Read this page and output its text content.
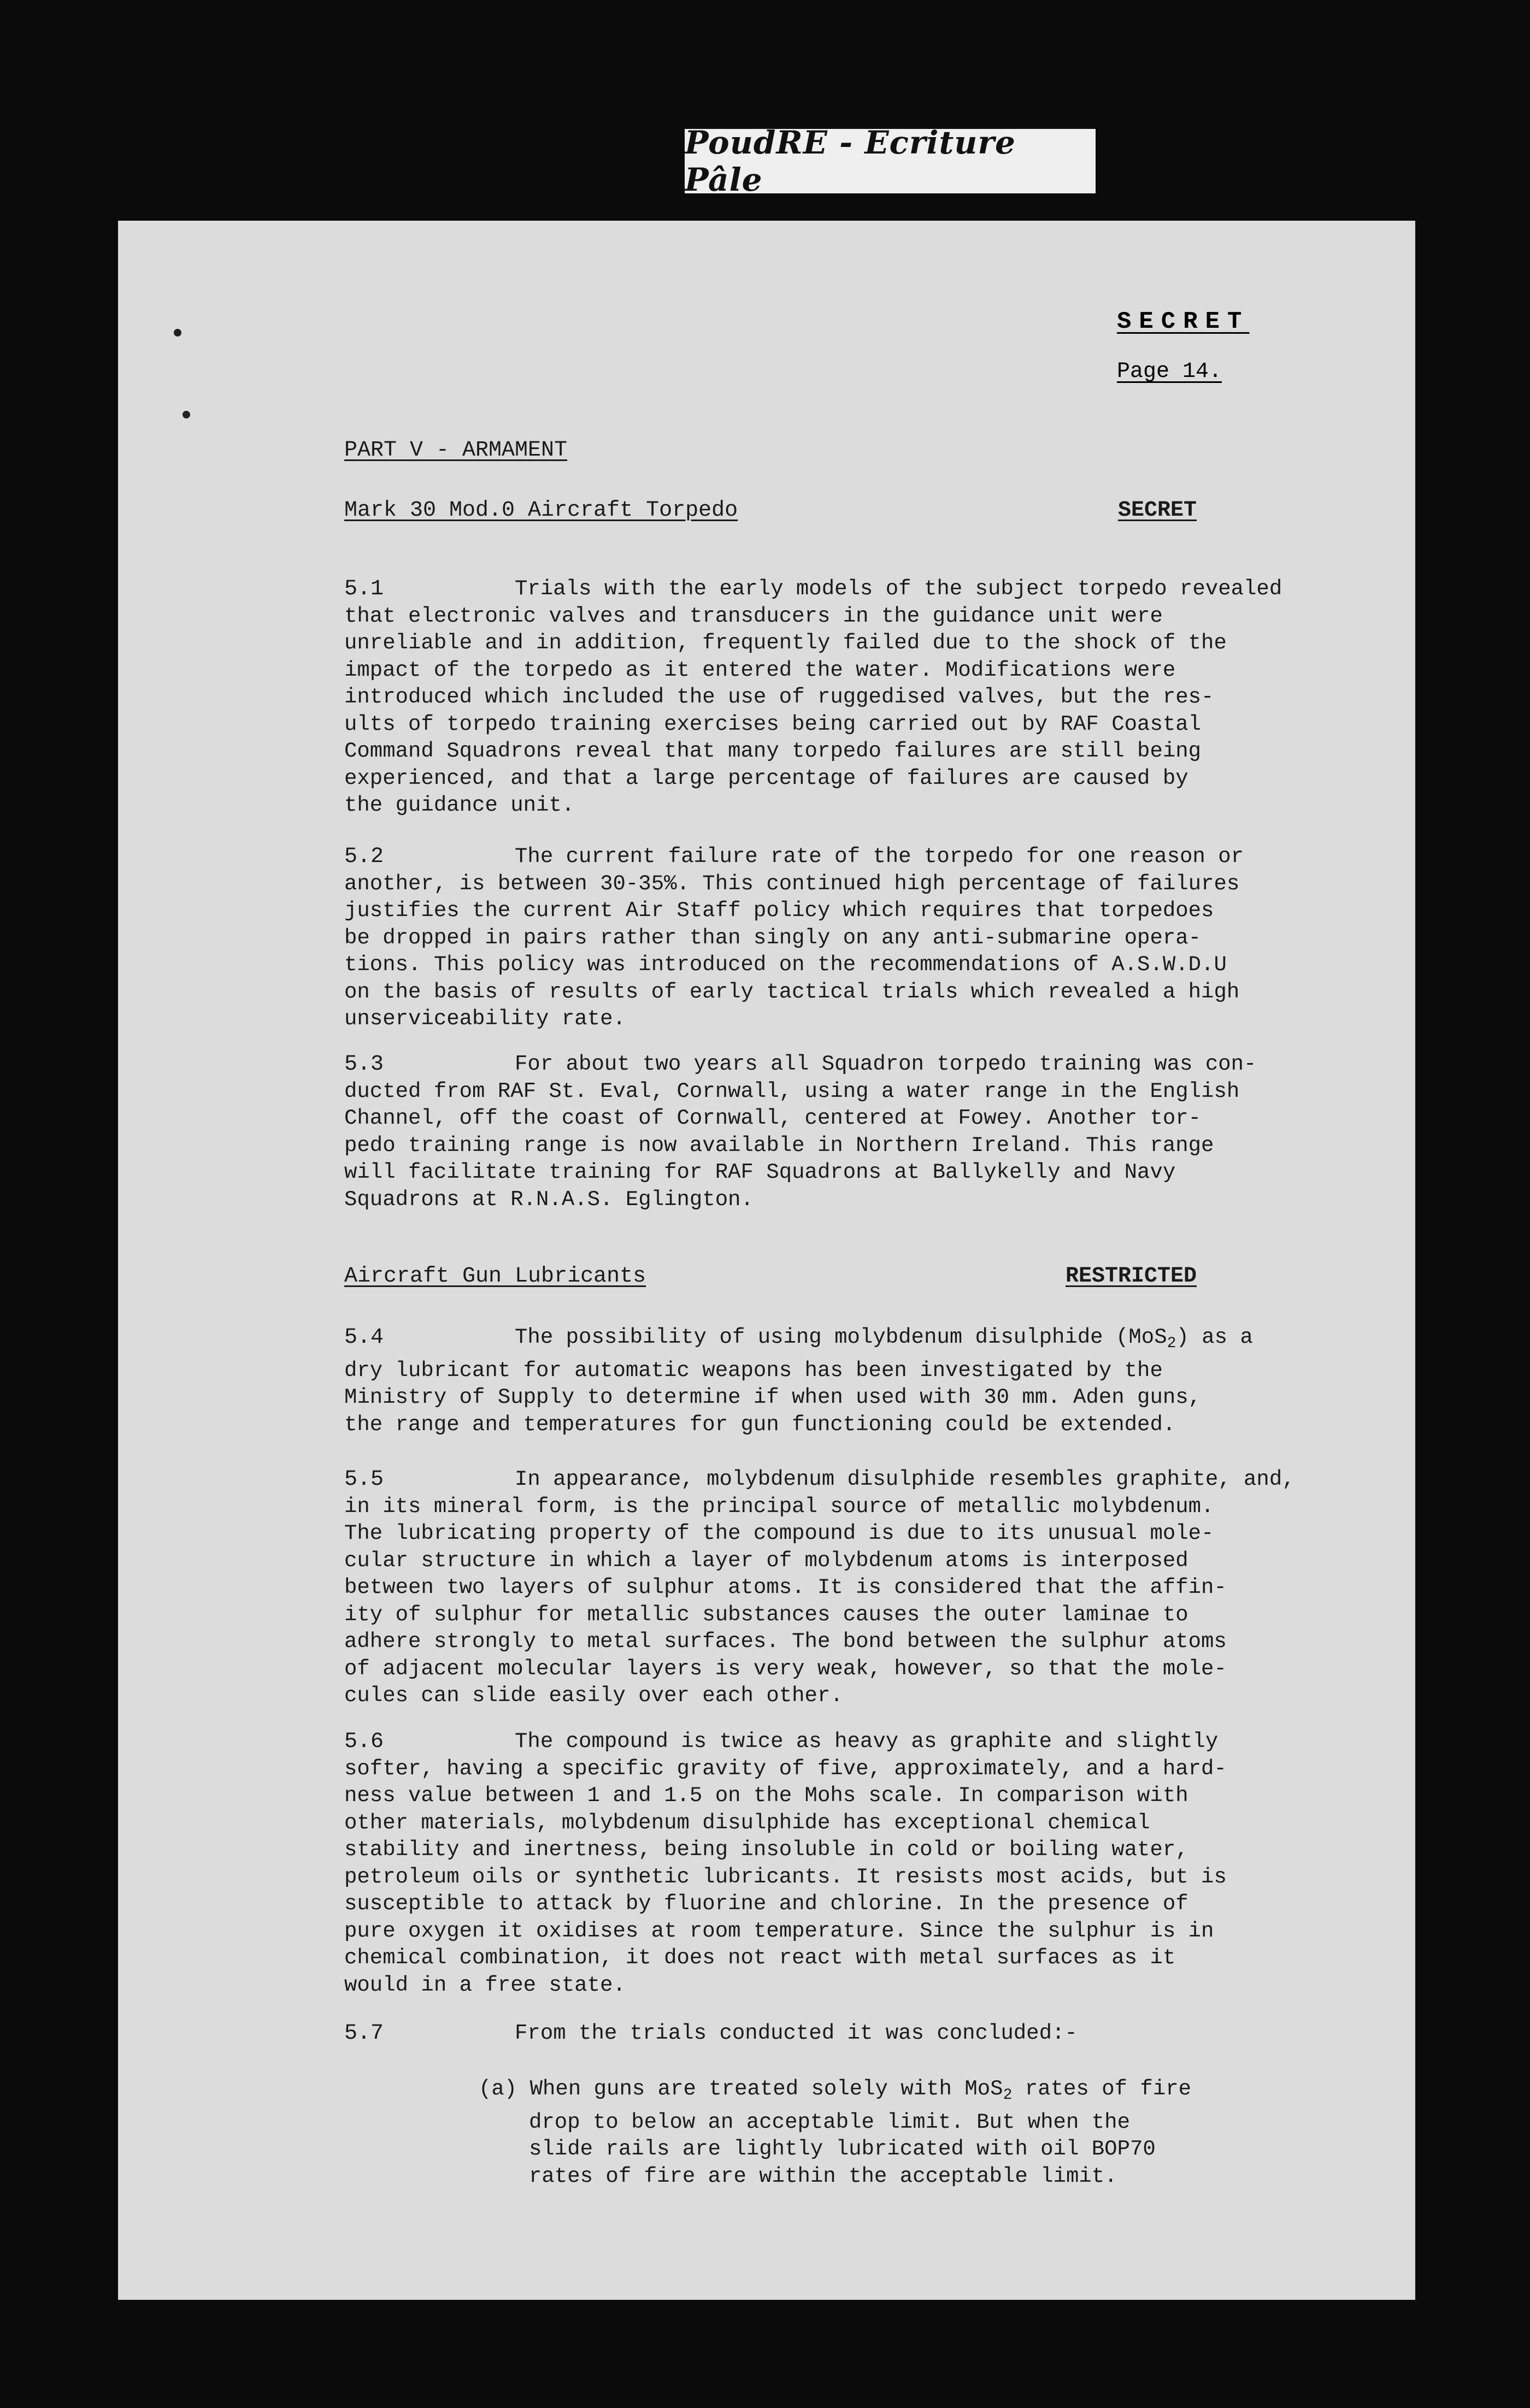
PoudRE - Ecriture Pâle
SECRET
Page 14.
PART V - ARMAMENT
Mark 30 Mod.0 Aircraft Torpedo	SECRET
5.1	Trials with the early models of the subject torpedo revealed
that electronic valves and transducers in the guidance unit were
unreliable and in addition, frequently failed due to the shock of the
impact of the torpedo as it entered the water. Modifications were
introduced which included the use of ruggedised valves, but the res-
ults of torpedo training exercises being carried out by RAF Coastal
Command Squadrons reveal that many torpedo failures are still being
experienced, and that a large percentage of failures are caused by
the guidance unit.
5.2	The current failure rate of the torpedo for one reason or
another, is between 30-35%. This continued high percentage of failures
justifies the current Air Staff policy which requires that torpedoes
be dropped in pairs rather than singly on any anti-submarine opera-
tions. This policy was introduced on the recommendations of A.S.W.D.U
on the basis of results of early tactical trials which revealed a high
unserviceability rate.
5.3	For about two years all Squadron torpedo training was con-
ducted from RAF St. Eval, Cornwall, using a water range in the English
Channel, off the coast of Cornwall, centered at Fowey. Another tor-
pedo training range is now available in Northern Ireland. This range
will facilitate training for RAF Squadrons at Ballykelly and Navy
Squadrons at R.N.A.S. Eglington.
Aircraft Gun Lubricants	RESTRICTED
5.4	The possibility of using molybdenum disulphide (MoS$_2$) as a
dry lubricant for automatic weapons has been investigated by the
Ministry of Supply to determine if when used with 30 mm. Aden guns,
the range and temperatures for gun functioning could be extended.
5.5	In appearance, molybdenum disulphide resembles graphite, and,
in its mineral form, is the principal source of metallic molybdenum.
The lubricating property of the compound is due to its unusual mole-
cular structure in which a layer of molybdenum atoms is interposed
between two layers of sulphur atoms. It is considered that the affin-
ity of sulphur for metallic substances causes the outer laminae to
adhere strongly to metal surfaces. The bond between the sulphur atoms
of adjacent molecular layers is very weak, however, so that the mole-
cules can slide easily over each other.
5.6	The compound is twice as heavy as graphite and slightly
softer, having a specific gravity of five, approximately, and a hard-
ness value between 1 and 1.5 on the Mohs scale. In comparison with
other materials, molybdenum disulphide has exceptional chemical
stability and inertness, being insoluble in cold or boiling water,
petroleum oils or synthetic lubricants. It resists most acids, but is
susceptible to attack by fluorine and chlorine. In the presence of
pure oxygen it oxidises at room temperature. Since the sulphur is in
chemical combination, it does not react with metal surfaces as it
would in a free state.
5.7	From the trials conducted it was concluded:-
(a) When guns are treated solely with MoS$_2$ rates of fire
drop to below an acceptable limit. But when the
slide rails are lightly lubricated with oil BOP70
rates of fire are within the acceptable limit.
